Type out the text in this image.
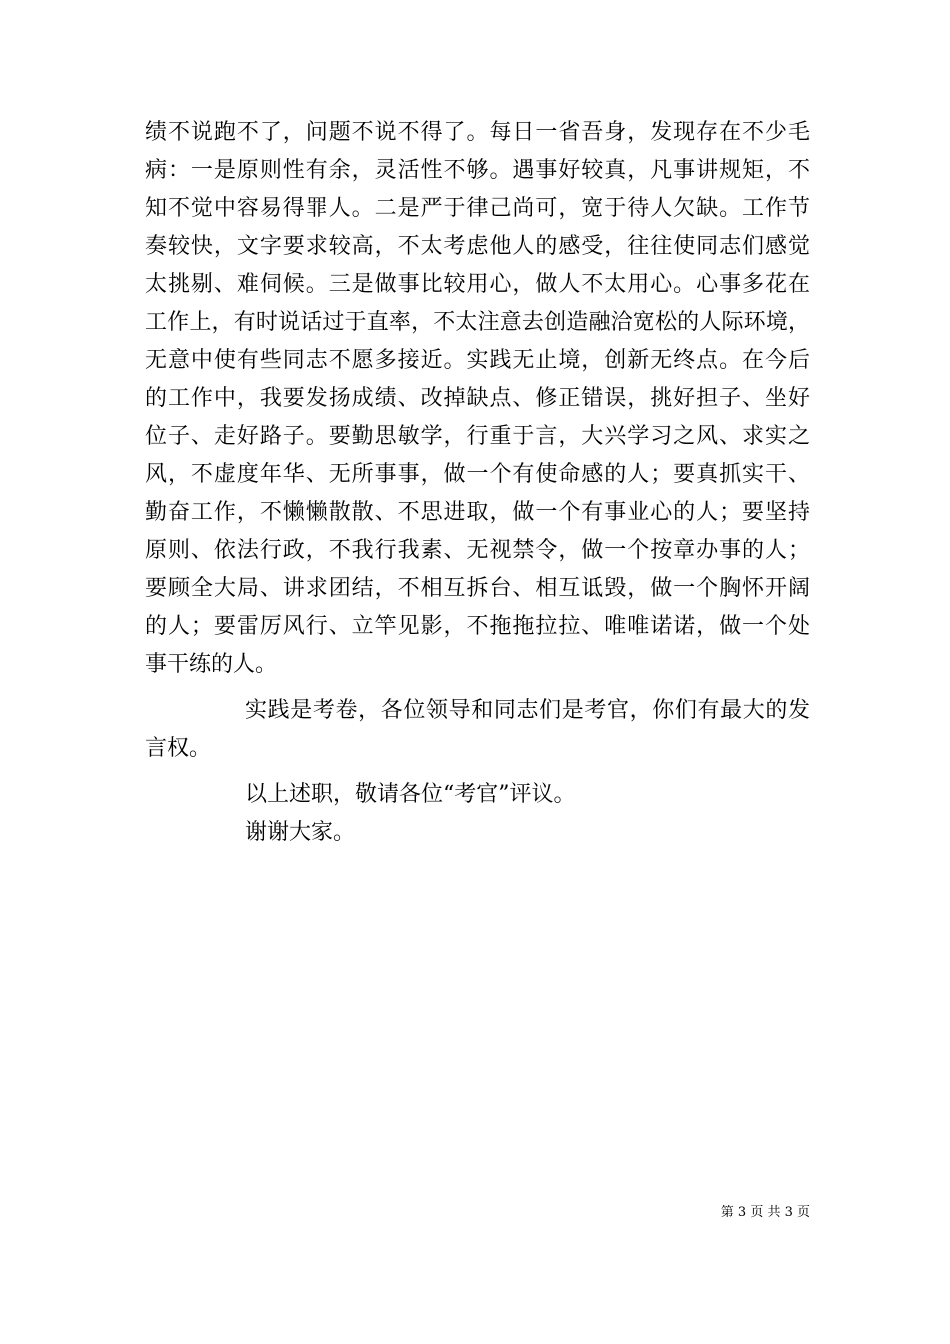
绩不说跑不了，问题不说不得了。每日一省吾身，发现存在不少毛
病：一是原则性有余，灵活性不够。遇事好较真，凡事讲规矩，不
知不觉中容易得罪人。二是严于律己尚可，宽于待人欠缺。工作节
奏较快，文字要求较高，不太考虑他人的感受，往往使同志们感觉
太挑剔、难伺候。三是做事比较用心，做人不太用心。心事多花在
工作上，有时说话过于直率，不太注意去创造融洽宽松的人际环境，
无意中使有些同志不愿多接近。实践无止境，创新无终点。在今后
的工作中，我要发扬成绩、改掉缺点、修正错误，挑好担子、坐好
位子、走好路子。要勤思敏学，行重于言，大兴学习之风、求实之
风，不虚度年华、无所事事，做一个有使命感的人；要真抓实干、
勤奋工作，不懒懒散散、不思进取，做一个有事业心的人；要坚持
原则、依法行政，不我行我素、无视禁令，做一个按章办事的人；
要顾全大局、讲求团结，不相互拆台、相互诋毁，做一个胸怀开阔
的人；要雷厉风行、立竿见影，不拖拖拉拉、唯唯诺诺，做一个处
事干练的人。
实践是考卷，各位领导和同志们是考官，你们有最大的发
言权。
以上述职，敬请各位“考官”评议。
谢谢大家。
第 3 页 共 3 页
